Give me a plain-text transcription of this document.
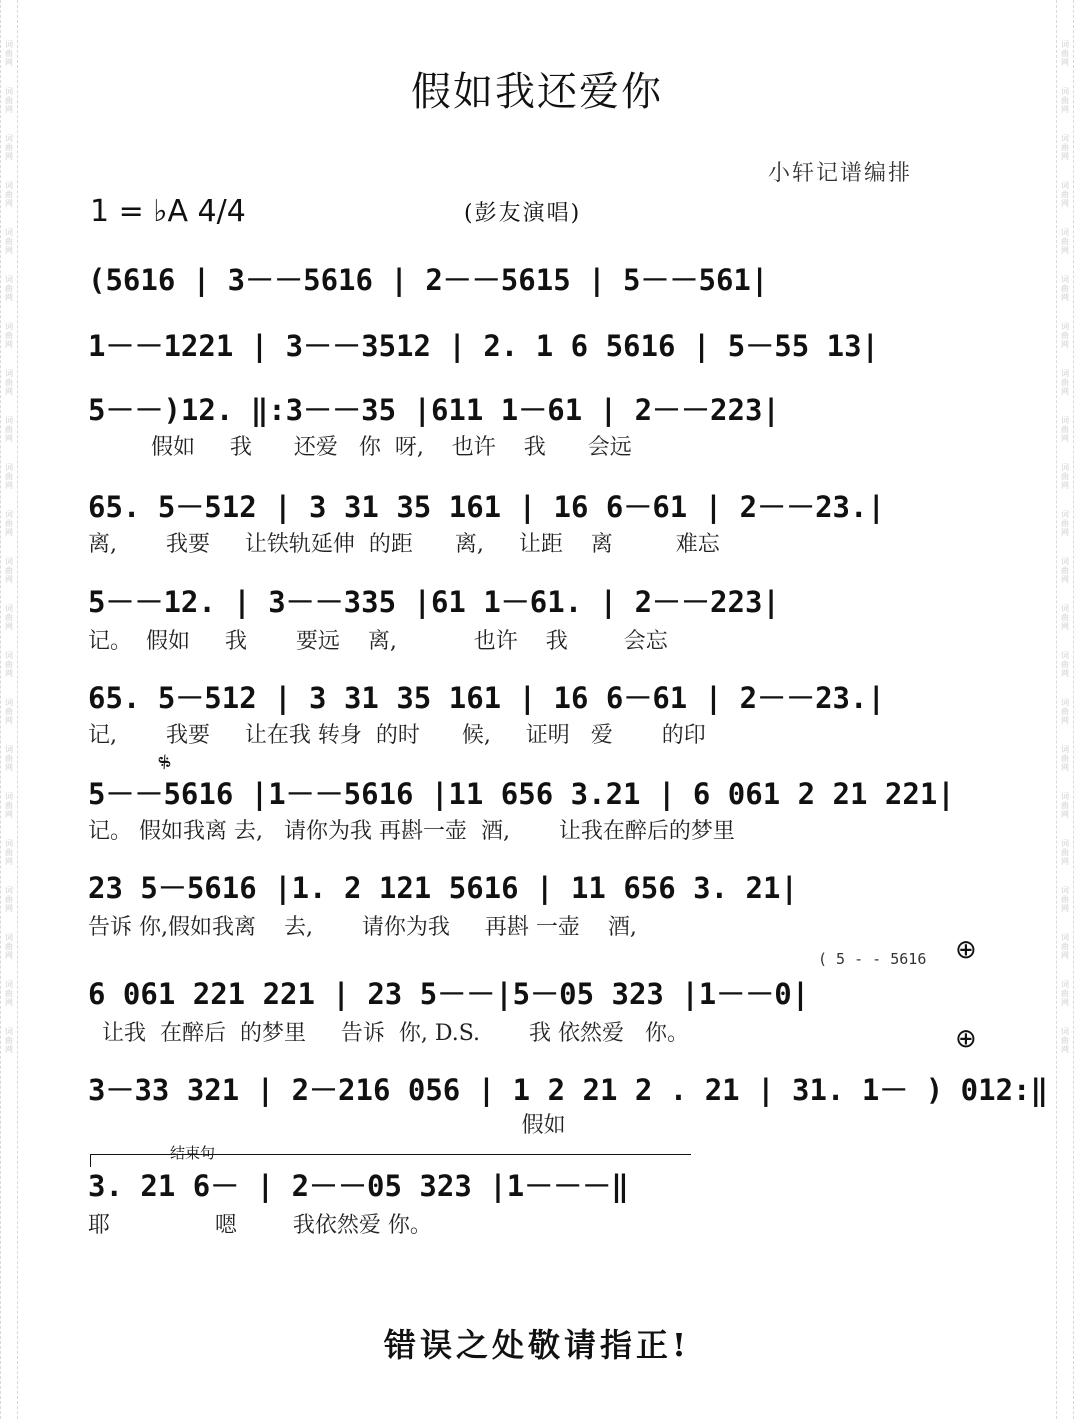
词曲网
词曲网
词曲网
词曲网
词曲网
词曲网
词曲网
词曲网
词曲网
词曲网
词曲网
词曲网
词曲网
词曲网
词曲网
词曲网
词曲网
词曲网
词曲网
词曲网
词曲网
词曲网
词曲网
词曲网
词曲网
词曲网
词曲网
词曲网
词曲网
词曲网
词曲网
词曲网
词曲网
词曲网
词曲网
词曲网
词曲网
词曲网
词曲网
词曲网
词曲网
词曲网
词曲网
词曲网
假如我还爱你
小轩记谱编排
1 = ♭A 4/4	(彭友演唱)
(5616 | 3－－5616 | 2－－5615 | 5－－561|
1－－1221 | 3－－3512 | 2. 1 6 5616 | 5－55 13|
5－－)12. ‖:3－－35 |611 1－61 | 2－－223|
假如     我      还爱   你  呀,    也许    我      会远
65. 5－512 | 3 31 35 161 | 16 6－61 | 2－－23.|
离,       我要     让铁轨延伸  的距      离,     让距    离         难忘
5－－12. | 3－－335 |61 1－61. | 2－－223|
记。  假如     我       要远    离,           也许    我        会忘
65. 5－512 | 3 31 35 161 | 16 6－61 | 2－－23.|
记,       我要     让在我 转身  的时      候,     证明   爱       的印
𝄋
5－－5616 |1－－5616 |11 656 3.21 | 6 061 2 21 221|
记。 假如我离 去,   请你为我 再斟一壶  酒,       让我在醉后的梦里
23 5－5616 |1. 2 121 5616 | 11 656 3. 21|
告诉 你,假如我离    去,       请你为我     再斟 一壶    酒,
( 5 - - 5616 ⊕
6 061 221 221 | 23 5－－|5－05 323 |1－－0|
让我  在醉后  的梦里     告诉  你, D.S.       我 依然爱   你。	⊕
3－33 321 | 2－216 056 | 1 2 21 2 . 21 | 31. 1－ ) 012:‖
假如
结束句
3. 21 6－ | 2－－05 323 |1－－－‖
耶               嗯        我依然爱 你。
错误之处敬请指正!
